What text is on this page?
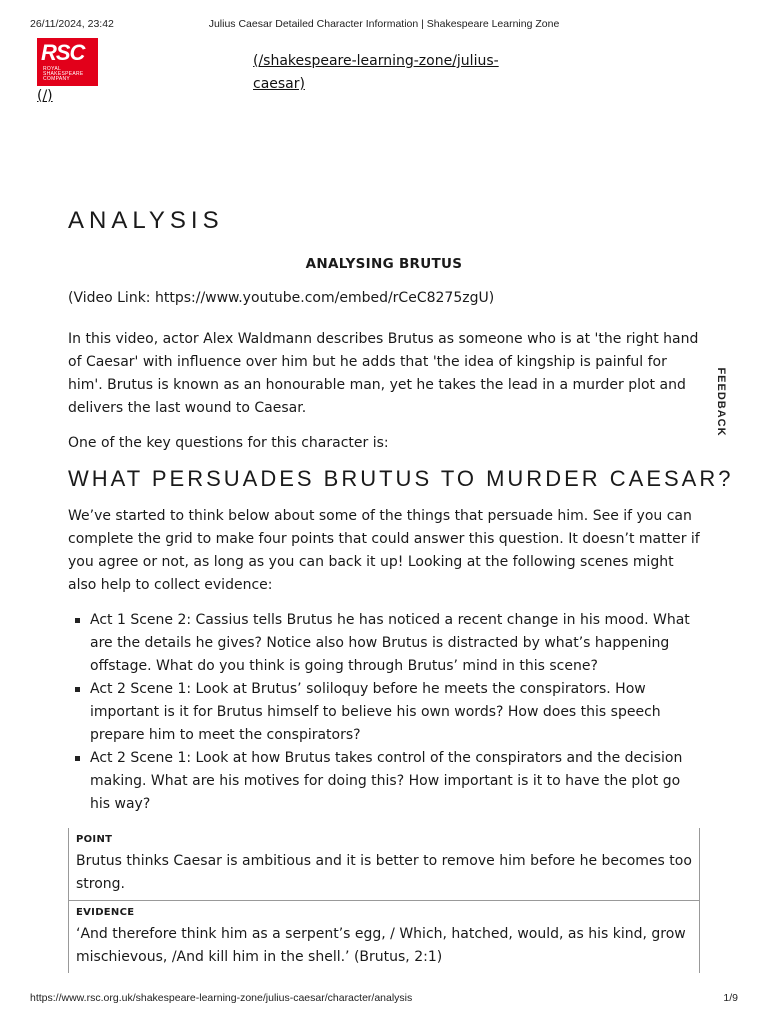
26/11/2024, 23:42	Julius Caesar Detailed Character Information | Shakespeare Learning Zone
RSC
ROYAL
SHAKESPEARE
COMPANY
(/)
(/shakespeare-learning-zone/julius-caesar)
ANALYSIS
ANALYSING BRUTUS

(Video Link: https://www.youtube.com/embed/rCeC8275zgU)

In this video, actor Alex Waldmann describes Brutus as someone who is at 'the right hand of Caesar' with influence over him but he adds that 'the idea of kingship is painful for him'. Brutus is known as an honourable man, yet he takes the lead in a murder plot and delivers the last wound to Caesar.

One of the key questions for this character is:

WHAT PERSUADES BRUTUS TO MURDER CAESAR?

We’ve started to think below about some of the things that persuade him. See if you can complete the grid to make four points that could answer this question. It doesn’t matter if you agree or not, as long as you can back it up! Looking at the following scenes might also help to collect evidence:

Act 1 Scene 2: Cassius tells Brutus he has noticed a recent change in his mood. What are the details he gives? Notice also how Brutus is distracted by what’s happening offstage. What do you think is going through Brutus’ mind in this scene?
Act 2 Scene 1: Look at Brutus’ soliloquy before he meets the conspirators. How important is it for Brutus himself to believe his own words? How does this speech prepare him to meet the conspirators?
Act 2 Scene 1: Look at how Brutus takes control of the conspirators and the decision making. What are his motives for doing this? How important is it to have the plot go his way?
FEEDBACK
POINT
Brutus thinks Caesar is ambitious and it is better to remove him before he becomes too strong.
EVIDENCE
‘And therefore think him as a serpent’s egg, / Which, hatched, would, as his kind, grow mischievous, /And kill him in the shell.’ (Brutus, 2:1)
https://www.rsc.org.uk/shakespeare-learning-zone/julius-caesar/character/analysis	1/9
